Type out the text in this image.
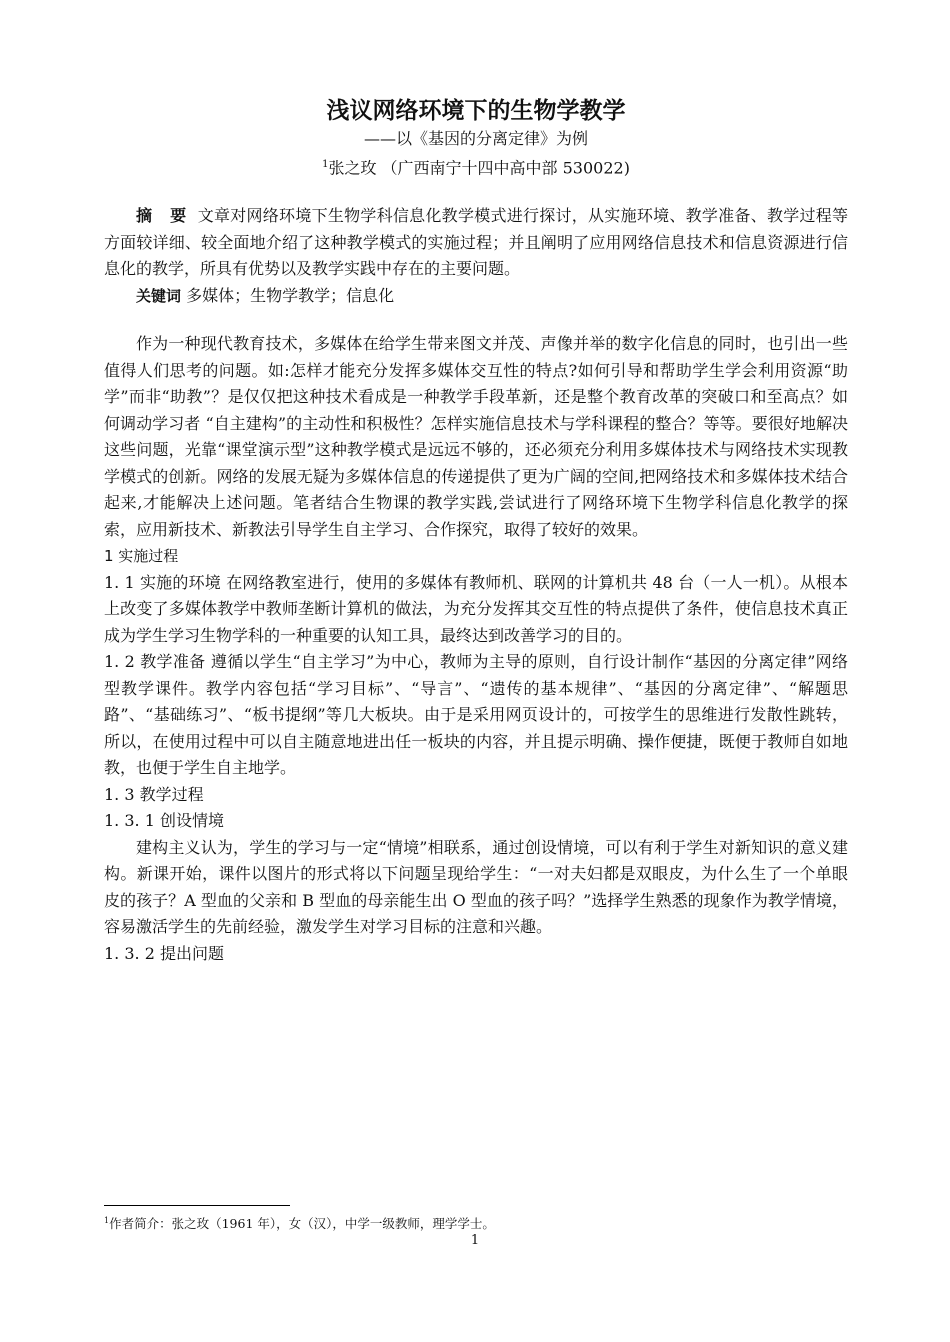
浅议网络环境下的生物学教学
——以《基因的分离定律》为例
$^1$张之玫 （广西南宁十四中高中部 530022)

摘 要 文章对网络环境下生物学科信息化教学模式进行探讨，从实施环境、教学准备、教学过程等方面较详细、较全面地介绍了这种教学模式的实施过程；并且阐明了应用网络信息技术和信息资源进行信息化的教学，所具有优势以及教学实践中存在的主要问题。

关键词 多媒体；生物学教学；信息化

作为一种现代教育技术，多媒体在给学生带来图文并茂、声像并举的数字化信息的同时，也引出一些值得人们思考的问题。如:怎样才能充分发挥多媒体交互性的特点?如何引导和帮助学生学会利用资源“助学”而非“助教”？是仅仅把这种技术看成是一种教学手段革新，还是整个教育改革的突破口和至高点？如何调动学习者 “自主建构”的主动性和积极性？怎样实施信息技术与学科课程的整合？等等。要很好地解决这些问题，光靠“课堂演示型”这种教学模式是远远不够的，还必须充分利用多媒体技术与网络技术实现教学模式的创新。网络的发展无疑为多媒体信息的传递提供了更为广阔的空间,把网络技术和多媒体技术结合起来,才能解决上述问题。笔者结合生物课的教学实践,尝试进行了网络环境下生物学科信息化教学的探索，应用新技术、新教法引导学生自主学习、合作探究，取得了较好的效果。

1 实施过程

1. 1 实施的环境 在网络教室进行，使用的多媒体有教师机、联网的计算机共 48 台（一人一机）。从根本上改变了多媒体教学中教师垄断计算机的做法，为充分发挥其交互性的特点提供了条件，使信息技术真正成为学生学习生物学科的一种重要的认知工具，最终达到改善学习的目的。

1. 2 教学准备 遵循以学生“自主学习”为中心，教师为主导的原则，自行设计制作“基因的分离定律”网络型教学课件。教学内容包括“学习目标”、“导言”、“遗传的基本规律”、“基因的分离定律”、“解题思路”、“基础练习”、“板书提纲”等几大板块。由于是采用网页设计的，可按学生的思维进行发散性跳转，所以，在使用过程中可以自主随意地进出任一板块的内容，并且提示明确、操作便捷，既便于教师自如地教，也便于学生自主地学。

1. 3 教学过程

1. 3. 1 创设情境

建构主义认为，学生的学习与一定“情境”相联系，通过创设情境，可以有利于学生对新知识的意义建构。新课开始，课件以图片的形式将以下问题呈现给学生：“一对夫妇都是双眼皮，为什么生了一个单眼皮的孩子？A 型血的父亲和 B 型血的母亲能生出 O 型血的孩子吗？”选择学生熟悉的现象作为教学情境，容易激活学生的先前经验，激发学生对学习目标的注意和兴趣。

1. 3. 2 提出问题

$^1$作者简介：张之玫（1961 年），女（汉），中学一级教师，理学学士。
1
